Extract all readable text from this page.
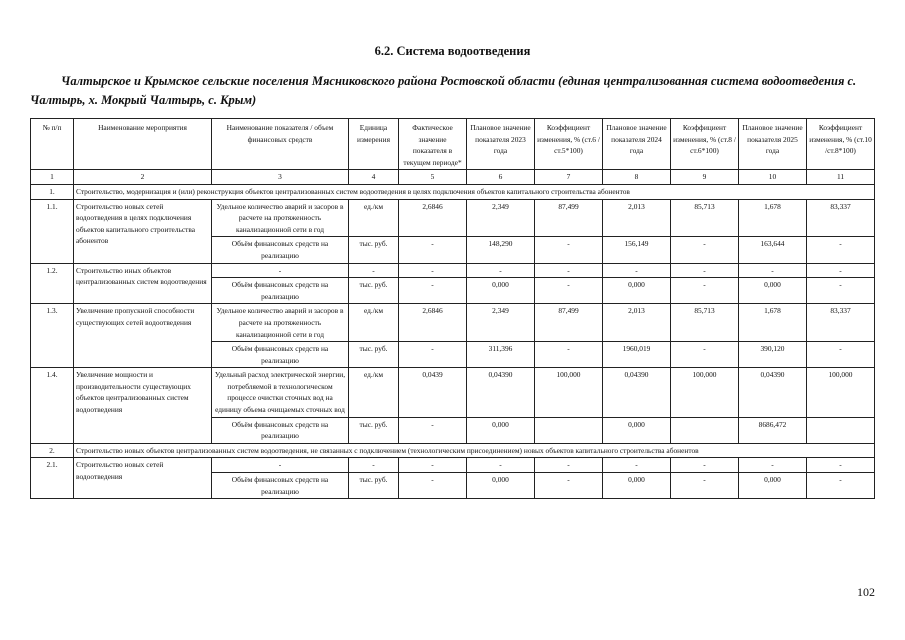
6.2. Система водоотведения
Чалтырское и Крымское сельские поселения Мясниковского района Ростовской области (единая централизованная система водоотведения с. Чалтырь, х. Мокрый Чалтырь, с. Крым)
№ п/п	Наименование мероприятия	Наименование показателя / объем финансовых средств	Единица измерения	Фактическое значение показателя в текущем периоде*	Плановое значение показателя 2023 года	Коэффициент изменения, % (ст.6 /ст.5*100)	Плановое значение показателя 2024 года	Коэффициент изменения, % (ст.8 /ст.6*100)	Плановое значение показателя 2025 года	Коэффициент изменения, % (ст.10 /ст.8*100)
1	2	3	4	5	6	7	8	9	10	11
1.	Строительство, модернизация и (или) реконструкция объектов централизованных систем водоотведения в целях подключения объектов капитального строительства абонентов									
1.1.	Строительство новых сетей водоотведения в целях подключения объектов капитального строительства абонентов	Удельное количество аварий и засоров в расчете на протяженность канализационной сети в год	ед./км	2,6846	2,349	87,499	2,013	85,713	1,678	83,337
		Объём финансовых средств на реализацию	тыс. руб.	-	148,290	-	156,149	-	163,644	-
1.2.	Строительство иных объектов централизованных систем водоотведения	-	-	-	-	-	-	-	-	-
		Объём финансовых средств на реализацию	тыс. руб.	-	0,000	-	0,000	-	0,000	-
1.3.	Увеличение пропускной способности существующих сетей водоотведения	Удельное количество аварий и засоров в расчете на протяженность канализационной сети в год	ед./км	2,6846	2,349	87,499	2,013	85,713	1,678	83,337
		Объём финансовых средств на реализацию	тыс. руб.	-	311,396	-	1960,019	-	390,120	-
1.4.	Увеличение мощности и производительности существующих объектов централизованных систем водоотведения	Удельный расход электрической энергии, потребляемой в технологическом процессе очистки сточных вод на единицу объема очищаемых сточных вод	ед./км	0,0439	0,04390	100,000	0,04390	100,000	0,04390	100,000
		Объём финансовых средств на реализацию	тыс. руб.	-	0,000		0,000		8686,472	
2.	Строительство новых объектов централизованных систем водоотведения, не связанных с подключением (технологическим присоединением) новых объектов капитального строительства абонентов									
2.1.	Строительство новых сетей водоотведения	-	-	-	-	-	-	-	-	-
		Объём финансовых средств на реализацию	тыс. руб.	-	0,000	-	0,000	-	0,000	-
102
